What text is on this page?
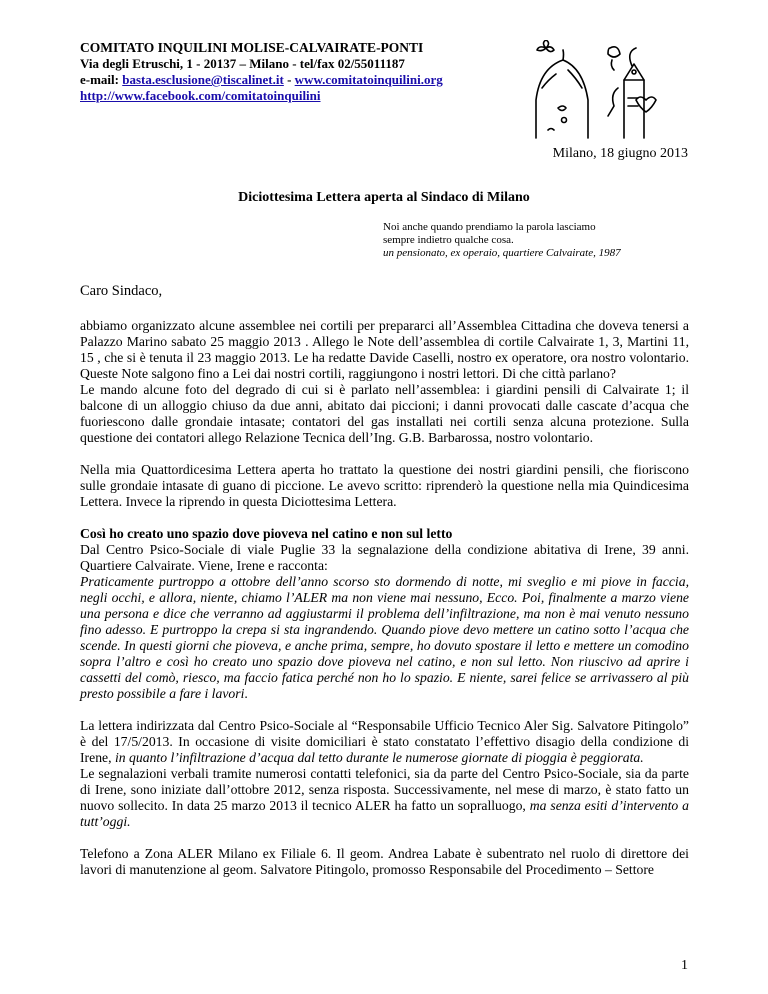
COMITATO INQUILINI MOLISE-CALVAIRATE-PONTI
Via degli Etruschi, 1 - 20137 – Milano - tel/fax 02/55011187
e-mail: basta.esclusione@tiscalinet.it - www.comitatoinquilini.org
http://www.facebook.com/comitatoinquilini
Milano, 18 giugno 2013
Diciottesima Lettera aperta al Sindaco di Milano
Noi anche quando prendiamo la parola lasciamo
sempre indietro qualche cosa.
un pensionato, ex operaio, quartiere Calvairate, 1987
Caro Sindaco,

abbiamo organizzato alcune assemblee nei cortili per prepararci all’Assemblea Cittadina che doveva tenersi a Palazzo Marino sabato 25 maggio 2013 . Allego le Note dell’assemblea di cortile Calvairate 1, 3, Martini 11, 15 , che si è tenuta il 23 maggio 2013. Le ha redatte Davide Caselli, nostro ex operatore, ora nostro volontario. Queste Note salgono fino a Lei dai nostri cortili, raggiungono i nostri lettori. Di che città parlano?

Le mando alcune foto del degrado di cui si è parlato nell’assemblea: i giardini pensili di Calvairate 1; il balcone di un alloggio chiuso da due anni, abitato dai piccioni; i danni provocati dalle cascate d’acqua che fuoriescono dalle grondaie intasate; contatori del gas installati nei cortili senza alcuna protezione. Sulla questione dei contatori allego Relazione Tecnica dell’Ing. G.B. Barbarossa, nostro volontario.

Nella mia Quattordicesima Lettera aperta ho trattato la questione dei nostri giardini pensili, che fioriscono sulle grondaie intasate di guano di piccione. Le avevo scritto: riprenderò la questione nella mia Quindicesima Lettera. Invece la riprendo in questa Diciottesima Lettera.

Così ho creato uno spazio dove pioveva nel catino e non sul letto

Dal Centro Psico-Sociale di viale Puglie 33 la segnalazione della condizione abitativa di Irene, 39 anni. Quartiere Calvairate. Viene, Irene e racconta:

Praticamente purtroppo a ottobre dell’anno scorso sto dormendo di notte, mi sveglio e mi piove in faccia, negli occhi, e allora, niente, chiamo l’ALER ma non viene mai nessuno, Ecco. Poi, finalmente a marzo viene una persona e dice che verranno ad aggiustarmi il problema dell’infiltrazione, ma non è mai venuto nessuno fino adesso. E purtroppo la crepa si sta ingrandendo. Quando piove devo mettere un catino sotto l’acqua che scende. In questi giorni che pioveva, e anche prima, sempre, ho dovuto spostare il letto e mettere un comodino sopra l’altro e così ho creato uno spazio dove pioveva nel catino, e non sul letto. Non riuscivo ad aprire i cassetti del comò, riesco, ma faccio fatica perché non ho lo spazio. E niente, sarei felice se arrivassero al più presto possibile a fare i lavori.

La lettera indirizzata dal Centro Psico-Sociale al “Responsabile Ufficio Tecnico Aler Sig. Salvatore Pitingolo” è del 17/5/2013. In occasione di visite domiciliari è stato constatato l’effettivo disagio della condizione di Irene, in quanto l’infiltrazione d’acqua dal tetto durante le numerose giornate di pioggia è peggiorata.

Le segnalazioni verbali tramite numerosi contatti telefonici, sia da parte del Centro Psico-Sociale, sia da parte di Irene, sono iniziate dall’ottobre 2012, senza risposta. Successivamente, nel mese di marzo, è stato fatto un nuovo sollecito. In data 25 marzo 2013 il tecnico ALER ha fatto un sopralluogo, ma senza esiti d’intervento a tutt’oggi.

Telefono a Zona ALER Milano ex Filiale 6. Il geom. Andrea Labate è subentrato nel ruolo di direttore dei lavori di manutenzione al geom. Salvatore Pitingolo, promosso Responsabile del Procedimento – Settore

1
